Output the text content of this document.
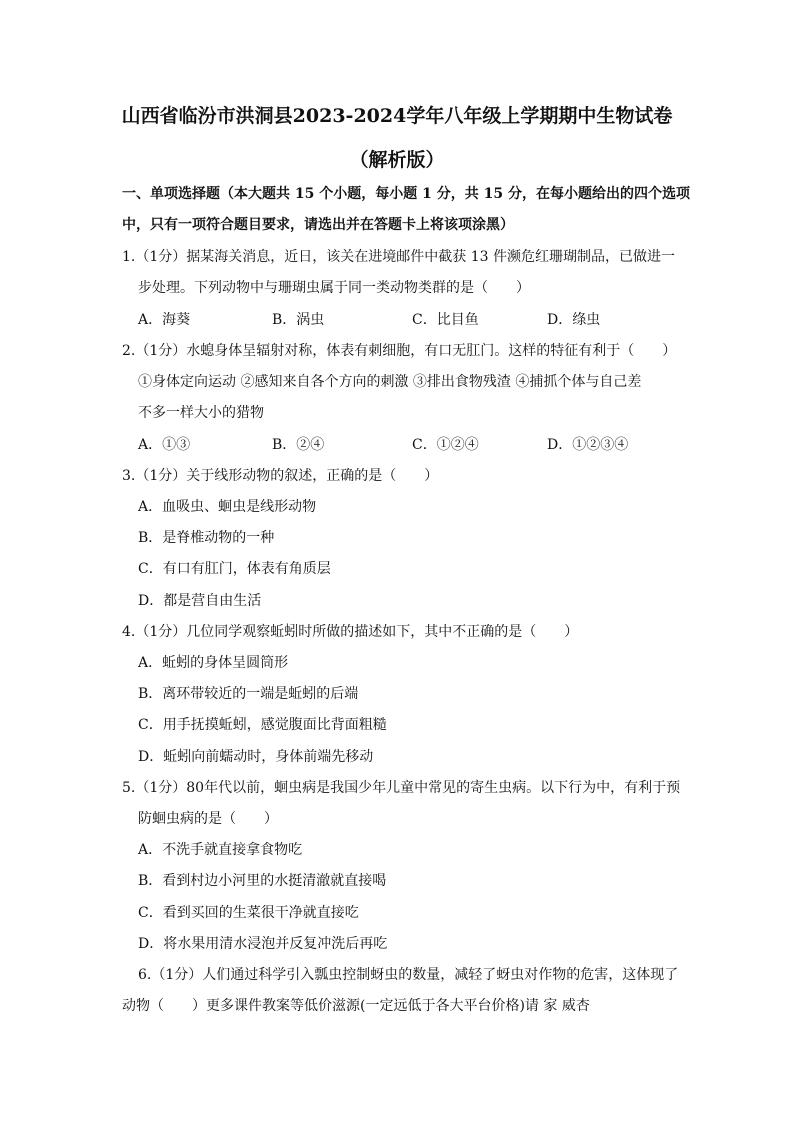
山西省临汾市洪洞县2023-2024学年八年级上学期期中生物试卷
（解析版）
一、单项选择题（本大题共 15 个小题，每小题 1 分，共 15 分，在每小题给出的四个选项
中，只有一项符合题目要求，请选出并在答题卡上将该项涂黑）
1.（1分）据某海关消息，近日，该关在进境邮件中截获 13 件濒危红珊瑚制品，已做进一
步处理。下列动物中与珊瑚虫属于同一类动物类群的是（　　）
A．海葵	B．涡虫	C．比目鱼	D．绦虫
2.（1分）水螅身体呈辐射对称，体表有刺细胞，有口无肛门。这样的特征有利于（　　）
①身体定向运动 ②感知来自各个方向的刺激 ③排出食物残渣 ④捕抓个体与自己差
不多一样大小的猎物
A．①③	B．②④	C．①②④	D．①②③④
3.（1分）关于线形动物的叙述，正确的是（　　）
A．血吸虫、蛔虫是线形动物
B．是脊椎动物的一种
C．有口有肛门，体表有角质层
D．都是营自由生活
4.（1分）几位同学观察蚯蚓时所做的描述如下，其中不正确的是（　　）
A．蚯蚓的身体呈圆筒形
B．离环带较近的一端是蚯蚓的后端
C．用手抚摸蚯蚓，感觉腹面比背面粗糙
D．蚯蚓向前蠕动时，身体前端先移动
5.（1分）80年代以前，蛔虫病是我国少年儿童中常见的寄生虫病。以下行为中，有利于预
防蛔虫病的是（　　）
A．不洗手就直接拿食物吃
B．看到村边小河里的水挺清澈就直接喝
C．看到买回的生菜很干净就直接吃
D．将水果用清水浸泡并反复冲洗后再吃
6.（1分）人们通过科学引入瓢虫控制蚜虫的数量，减轻了蚜虫对作物的危害，这体现了
动物（　　）更多课件教案等低价滋源(一定远低于各大平台价格)请 家 威杏
